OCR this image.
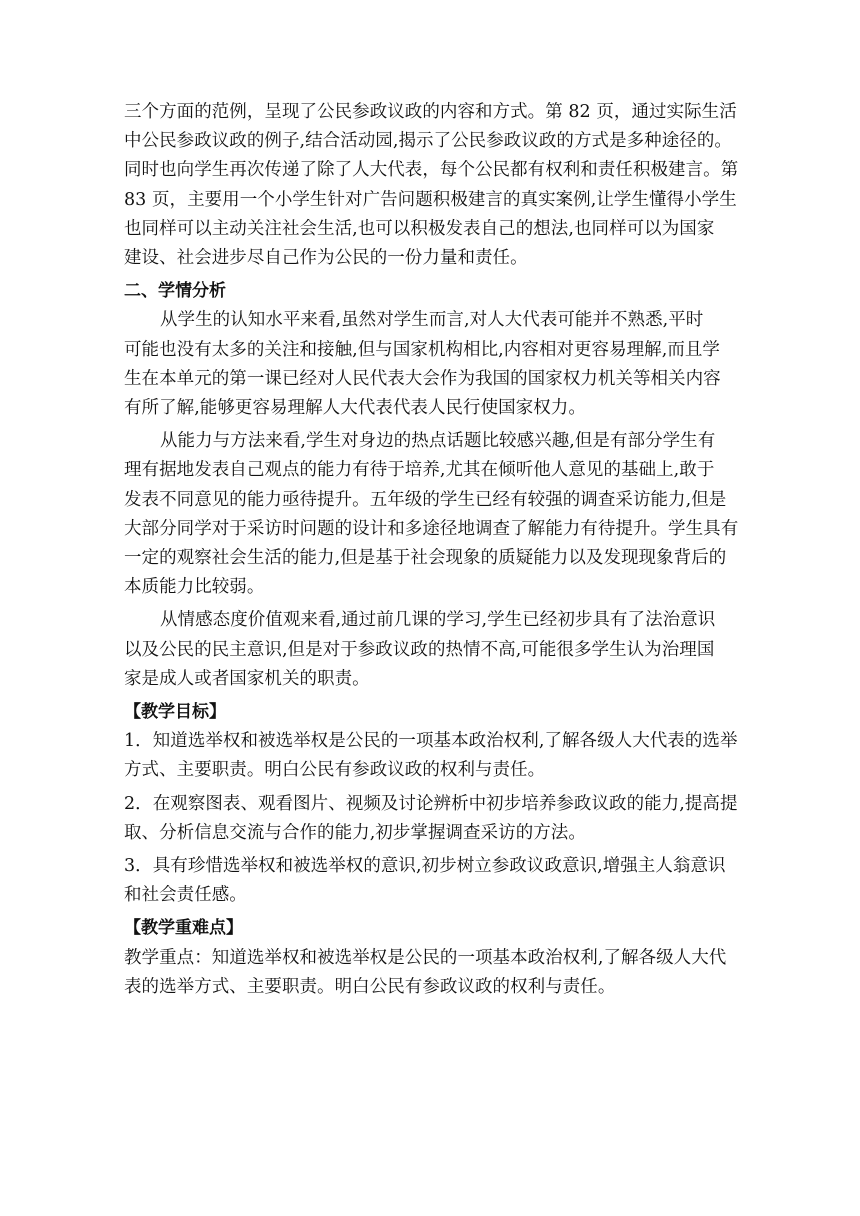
三个方面的范例，呈现了公民参政议政的内容和方式。第 82 页，通过实际生活
中公民参政议政的例子,结合活动园,揭示了公民参政议政的方式是多种途径的。
同时也向学生再次传递了除了人大代表，每个公民都有权利和责任积极建言。第
83 页，主要用一个小学生针对广告问题积极建言的真实案例,让学生懂得小学生
也同样可以主动关注社会生活,也可以积极发表自己的想法,也同样可以为国家
建设、社会进步尽自己作为公民的一份力量和责任。
二、学情分析
从学生的认知水平来看,虽然对学生而言,对人大代表可能并不熟悉,平时
可能也没有太多的关注和接触,但与国家机构相比,内容相对更容易理解,而且学
生在本单元的第一课已经对人民代表大会作为我国的国家权力机关等相关内容
有所了解,能够更容易理解人大代表代表人民行使国家权力。
从能力与方法来看,学生对身边的热点话题比较感兴趣,但是有部分学生有
理有据地发表自己观点的能力有待于培养,尤其在倾听他人意见的基础上,敢于
发表不同意见的能力亟待提升。五年级的学生已经有较强的调查采访能力,但是
大部分同学对于采访时问题的设计和多途径地调查了解能力有待提升。学生具有
一定的观察社会生活的能力,但是基于社会现象的质疑能力以及发现现象背后的
本质能力比较弱。
从情感态度价值观来看,通过前几课的学习,学生已经初步具有了法治意识
以及公民的民主意识,但是对于参政议政的热情不高,可能很多学生认为治理国
家是成人或者国家机关的职责。
【教学目标】
1．知道选举权和被选举权是公民的一项基本政治权利,了解各级人大代表的选举
方式、主要职责。明白公民有参政议政的权利与责任。
2．在观察图表、观看图片、视频及讨论辨析中初步培养参政议政的能力,提高提
取、分析信息交流与合作的能力,初步掌握调查采访的方法。
3．具有珍惜选举权和被选举权的意识,初步树立参政议政意识,增强主人翁意识
和社会责任感。
【教学重难点】
教学重点：知道选举权和被选举权是公民的一项基本政治权利,了解各级人大代
表的选举方式、主要职责。明白公民有参政议政的权利与责任。
